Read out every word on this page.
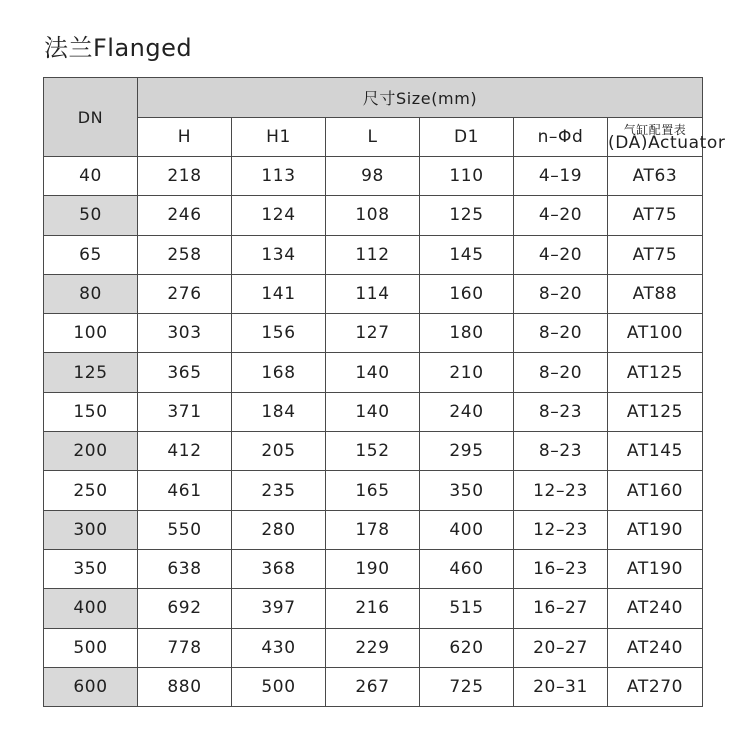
法兰Flanged
DN	尺寸Size(mm)					
	H	H1	L	D1	n–Φd	气缸配置表
(DA)Actuator

40	218	113	98	110	4–19	AT63
50	246	124	108	125	4–20	AT75
65	258	134	112	145	4–20	AT75
80	276	141	114	160	8–20	AT88
100	303	156	127	180	8–20	AT100
125	365	168	140	210	8–20	AT125
150	371	184	140	240	8–23	AT125
200	412	205	152	295	8–23	AT145
250	461	235	165	350	12–23	AT160
300	550	280	178	400	12–23	AT190
350	638	368	190	460	16–23	AT190
400	692	397	216	515	16–27	AT240
500	778	430	229	620	20–27	AT240
600	880	500	267	725	20–31	AT270
